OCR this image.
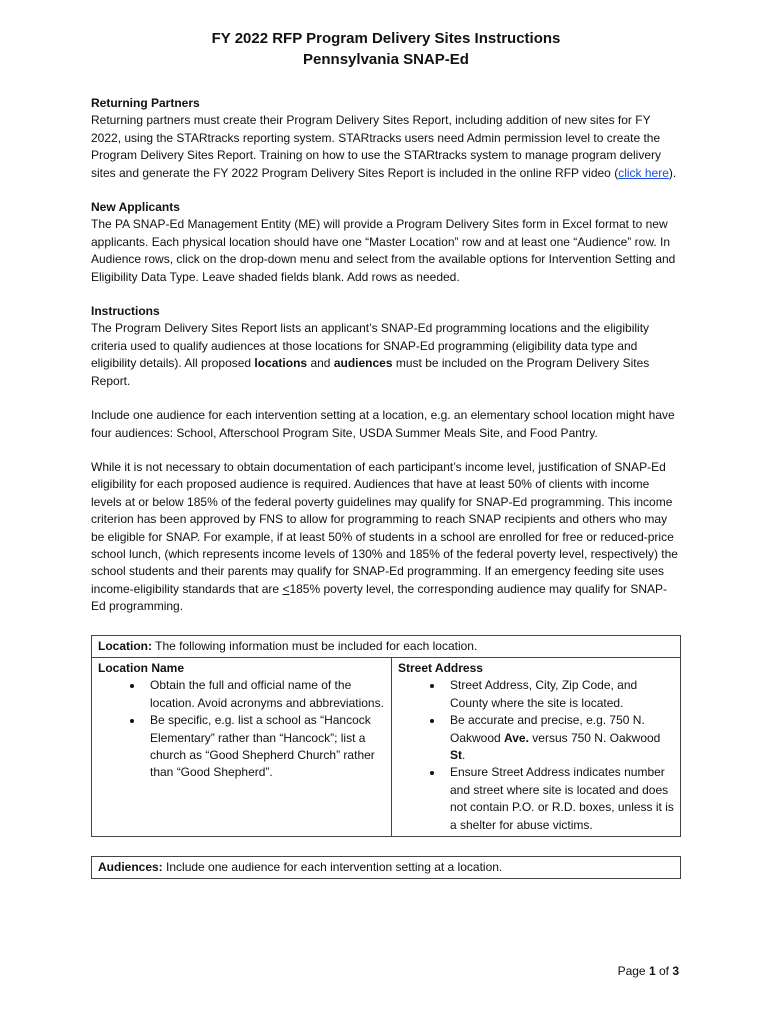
FY 2022 RFP Program Delivery Sites Instructions
Pennsylvania SNAP-Ed

Returning Partners

Returning partners must create their Program Delivery Sites Report, including addition of new sites for FY 2022, using the STARtracks reporting system. STARtracks users need Admin permission level to create the Program Delivery Sites Report. Training on how to use the STARtracks system to manage program delivery sites and generate the FY 2022 Program Delivery Sites Report is included in the online RFP video (click here).

New Applicants

The PA SNAP-Ed Management Entity (ME) will provide a Program Delivery Sites form in Excel format to new applicants. Each physical location should have one “Master Location” row and at least one “Audience” row. In Audience rows, click on the drop-down menu and select from the available options for Intervention Setting and Eligibility Data Type. Leave shaded fields blank. Add rows as needed.

Instructions

The Program Delivery Sites Report lists an applicant’s SNAP-Ed programming locations and the eligibility criteria used to qualify audiences at those locations for SNAP-Ed programming (eligibility data type and eligibility details). All proposed locations and audiences must be included on the Program Delivery Sites Report.

Include one audience for each intervention setting at a location, e.g. an elementary school location might have four audiences: School, Afterschool Program Site, USDA Summer Meals Site, and Food Pantry.

While it is not necessary to obtain documentation of each participant’s income level, justification of SNAP-Ed eligibility for each proposed audience is required. Audiences that have at least 50% of clients with income levels at or below 185% of the federal poverty guidelines may qualify for SNAP-Ed programming. This income criterion has been approved by FNS to allow for programming to reach SNAP recipients and others who may be eligible for SNAP. For example, if at least 50% of students in a school are enrolled for free or reduced-price school lunch, (which represents income levels of 130% and 185% of the federal poverty level, respectively) the school students and their parents may qualify for SNAP-Ed programming. If an emergency feeding site uses income-eligibility standards that are <185% poverty level, the corresponding audience may qualify for SNAP-Ed programming.

Location: The following information must be included for each location.
Location Name
• Obtain the full and official name of the location. Avoid acronyms and abbreviations.
• Be specific, e.g. list a school as “Hancock Elementary” rather than “Hancock”; list a church as “Good Shepherd Church” rather than “Good Shepherd”.
Street Address
• Street Address, City, Zip Code, and County where the site is located.
• Be accurate and precise, e.g. 750 N. Oakwood Ave. versus 750 N. Oakwood St.
• Ensure Street Address indicates number and street where site is located and does not contain P.O. or R.D. boxes, unless it is a shelter for abuse victims.
Audiences: Include one audience for each intervention setting at a location.
Page 1 of 3
